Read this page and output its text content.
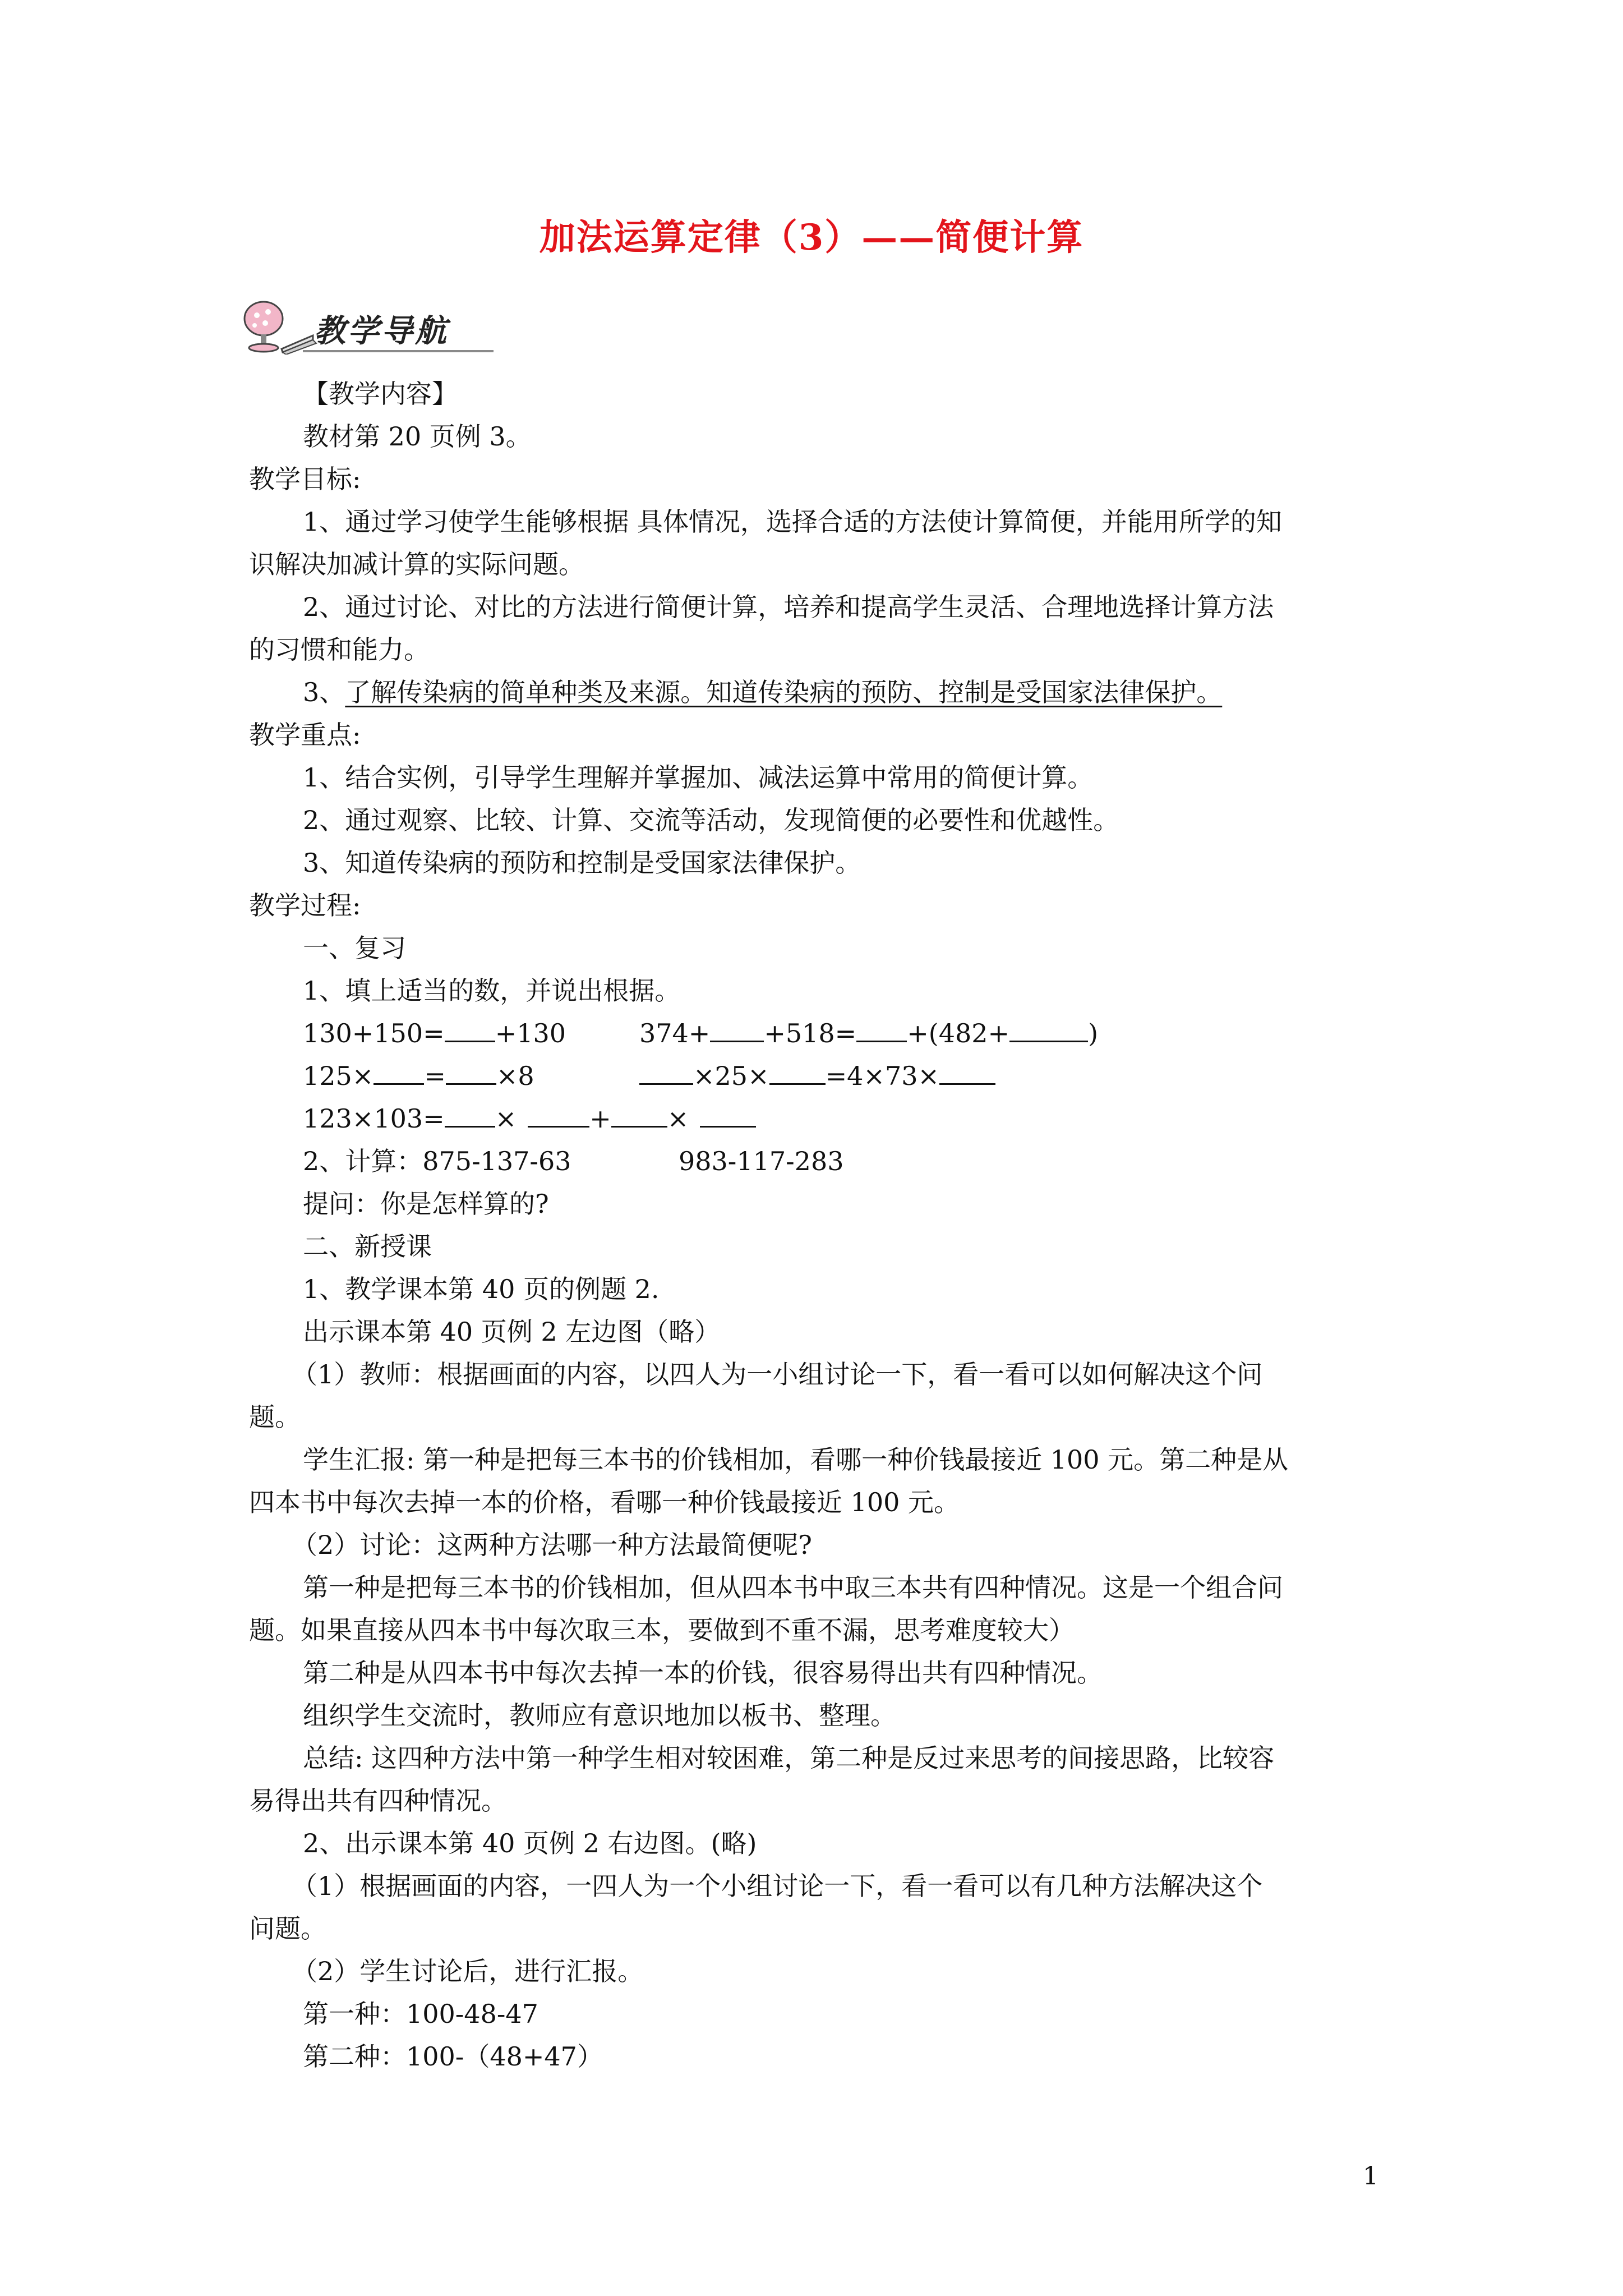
加法运算定律（3）——简便计算
教学导航
【教学内容】
教材第 20 页例 3。
教学目标:
1、通过学习使学生能够根据 具体情况，选择合适的方法使计算简便，并能用所学的知
识解决加减计算的实际问题。
2、通过讨论、对比的方法进行简便计算，培养和提高学生灵活、合理地选择计算方法
的习惯和能力。
3、了解传染病的简单种类及来源。知道传染病的预防、控制是受国家法律保护。
教学重点:
1、结合实例，引导学生理解并掌握加、减法运算中常用的简便计算。
2、通过观察、比较、计算、交流等活动，发现简便的必要性和优越性。
3、知道传染病的预防和控制是受国家法律保护。
教学过程:
一、复习
1、填上适当的数，并说出根据。
130+150= +130	374+ +518= +(482+	)
125× = ×8	×25× =4×73×
123×103= ×	+ ×
2、计算：875-137-63	983-117-283
提问：你是怎样算的?
二、新授课
1、教学课本第 40 页的例题 2.
出示课本第 40 页例 2 左边图（略）
（1）教师：根据画面的内容，以四人为一小组讨论一下，看一看可以如何解决这个问
题。
学生汇报: 第一种是把每三本书的价钱相加，看哪一种价钱最接近 100 元。第二种是从
四本书中每次去掉一本的价格，看哪一种价钱最接近 100 元。
（2）讨论：这两种方法哪一种方法最简便呢?
第一种是把每三本书的价钱相加，但从四本书中取三本共有四种情况。这是一个组合问
题。如果直接从四本书中每次取三本，要做到不重不漏，思考难度较大）
第二种是从四本书中每次去掉一本的价钱，很容易得出共有四种情况。
组织学生交流时，教师应有意识地加以板书、整理。
总结: 这四种方法中第一种学生相对较困难，第二种是反过来思考的间接思路，比较容
易得出共有四种情况。
2、出示课本第 40 页例 2 右边图。(略)
（1）根据画面的内容，一四人为一个小组讨论一下，看一看可以有几种方法解决这个
问题。
（2）学生讨论后，进行汇报。
第一种：100-48-47
第二种：100-（48+47）
1
